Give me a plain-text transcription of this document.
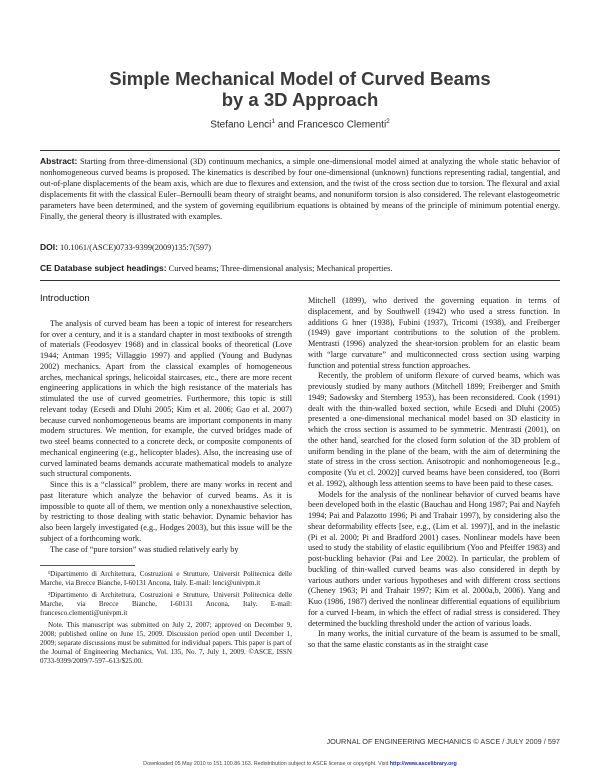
Simple Mechanical Model of Curved Beams
by a 3D Approach
Stefano Lenci$^1$ and Francesco Clementi$^2$
Abstract: Starting from three-dimensional (3D) continuum mechanics, a simple one-dimensional model aimed at analyzing the whole static behavior of nonhomogeneous curved beams is proposed. The kinematics is described by four one-dimensional (unknown) functions representing radial, tangential, and out-of-plane displacements of the beam axis, which are due to flexures and extension, and the twist of the cross section due to torsion. The flexural and axial displacements fit with the classical Euler–Bernoulli beam theory of straight beams, and nonuniform torsion is also considered. The relevant elastogeometric parameters have been determined, and the system of governing equilibrium equations is obtained by means of the principle of minimum potential energy. Finally, the general theory is illustrated with examples.
DOI: 10.1061/(ASCE)0733-9399(2009)135:7(597)
CE Database subject headings: Curved beams; Three-dimensional analysis; Mechanical properties.
Introduction

The analysis of curved beam has been a topic of interest for researchers for over a century, and it is a standard chapter in most textbooks of strength of materials (Feodosyev 1968) and in classical books of theoretical (Love 1944; Antman 1995; Villaggio 1997) and applied (Young and Budynas 2002) mechanics. Apart from the classical examples of homogeneous arches, mechanical springs, helicoidal staircases, etc., there are more recent engineering applications in which the high resistance of the materials has stimulated the use of curved geometries. Furthermore, this topic is still relevant today (Ecsedi and Dluhi 2005; Kim et al. 2006; Gao et al. 2007) because curved nonhomogeneous beams are important components in many modern structures. We mention, for example, the curved bridges made of two steel beams connected to a concrete deck, or composite components of mechanical engineering (e.g., helicopter blades). Also, the increasing use of curved laminated beams demands accurate mathematical models to analyze such structural components.

Since this is a “classical” problem, there are many works in recent and past literature which analyze the behavior of curved beams. As it is impossible to quote all of them, we mention only a nonexhaustive selection, by restricting to those dealing with static behavior. Dynamic behavior has also been largely investigated (e.g., Hodges 2003), but this issue will be the subject of a forthcoming work.

The case of “pure torsion” was studied relatively early by

Mitchell (1899), who derived the governing equation in terms of displacement, and by Southwell (1942) who used a stress function. In additions G hner (1938), Fubini (1937), Tricomi (1938), and Freiberger (1949) gave important contributions to the solution of the problem. Mentrasti (1996) analyzed the shear-torsion problem for an elastic beam with “large curvature” and multiconnected cross section using warping function and potential stress function approaches.

Recently, the problem of uniform flexure of curved beams, which was previously studied by many authors (Mitchell 1899; Freiberger and Smith 1949; Sadowsky and Sternberg 1953), has been reconsidered. Cook (1991) dealt with the thin-walled boxed section, while Ecsedi and Dluhi (2005) presented a one-dimensional mechanical model based on 3D elasticity in which the cross section is assumed to be symmetric. Mentrasti (2001), on the other hand, searched for the closed form solution of the 3D problem of uniform bending in the plane of the beam, with the aim of determining the state of stress in the cross section. Anisotropic and nonhomogeneous [e.g., composite (Yu et cl. 2002)] curved beams have been considered, too (Borri et al. 1992), although less attention seems to have been paid to these cases.

Models for the analysis of the nonlinear behavior of curved beams have been developed both in the elastic (Bauchau and Hong 1987; Pai and Nayfeh 1994; Pai and Palazotto 1996; Pi and Trahair 1997), by considering also the shear deformability effects [see, e.g., (Lim et al. 1997)], and in the inelastic (Pi et al. 2000; Pi and Bradford 2001) cases. Nonlinear models have been used to study the stability of elastic equilibrium (Yoo and Pfeiffer 1983) and post-buckling behavior (Pai and Lee 2002). In particular, the problem of buckling of thin-walled curved beams was also considered in depth by various authors under various hypotheses and with different cross sections (Cheney 1963; Pi and Trahair 1997; Kim et al. 2000a,b, 2006). Yang and Kuo (1986, 1987) derived the nonlinear differential equations of equilibrium for a curved I-beam, in which the effect of radial stress is considered. They determined the buckling threshold under the action of various loads.

In many works, the initial curvature of the beam is assumed to be small, so that the same elastic constants as in the straight case

¹Dipartimento di Architettura, Costruzioni e Strutture, Universit Politecnica delle Marche, via Brecce Bianche, I-60131 Ancona, Italy. E-mail: lenci@univpm.it

²Dipartimento di Architettura, Costruzioni e Strutture, Universit Politecnica delle Marche, via Brecce Bianche, I-60131 Ancona, Italy. E-mail: francesco.clementi@univpm.it

Note. This manuscript was submitted on July 2, 2007; approved on December 9, 2008; published online on June 15, 2009. Discussion period open until December 1, 2009; separate discussions must be submitted for individual papers. This paper is part of the Journal of Engineering Mechanics, Vol. 135, No. 7, July 1, 2009. ©ASCE, ISSN 0733-9399/2009/7-597–613/$25.00.

JOURNAL OF ENGINEERING MECHANICS © ASCE / JULY 2009 / 597
Downloaded 05 May 2010 to 151.100.86.163. Redistribution subject to ASCE license or copyright. Visit http://www.ascelibrary.org
